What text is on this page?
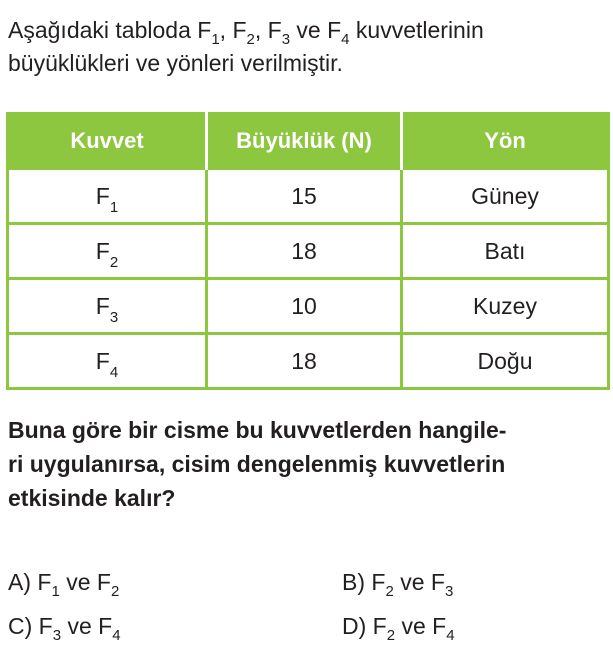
Aşağıdaki tabloda $F_1$, $F_2$, $F_3$ ve $F_4$ kuvvetlerinin
büyüklükleri ve yönleri verilmiştir.
Kuvvet	Büyüklük (N)	Yön
$F_1$	15	Güney
$F_2$	18	Batı
$F_3$	10	Kuzey
$F_4$	18	Doğu
Buna göre bir cisme bu kuvvetlerden hangile-
ri uygulanırsa, cisim dengelenmiş kuvvetlerin
etkisinde kalır?
A) $F_1$ ve $F_2$	B) $F_2$ ve $F_3$
C) $F_3$ ve $F_4$	D) $F_2$ ve $F_4$
